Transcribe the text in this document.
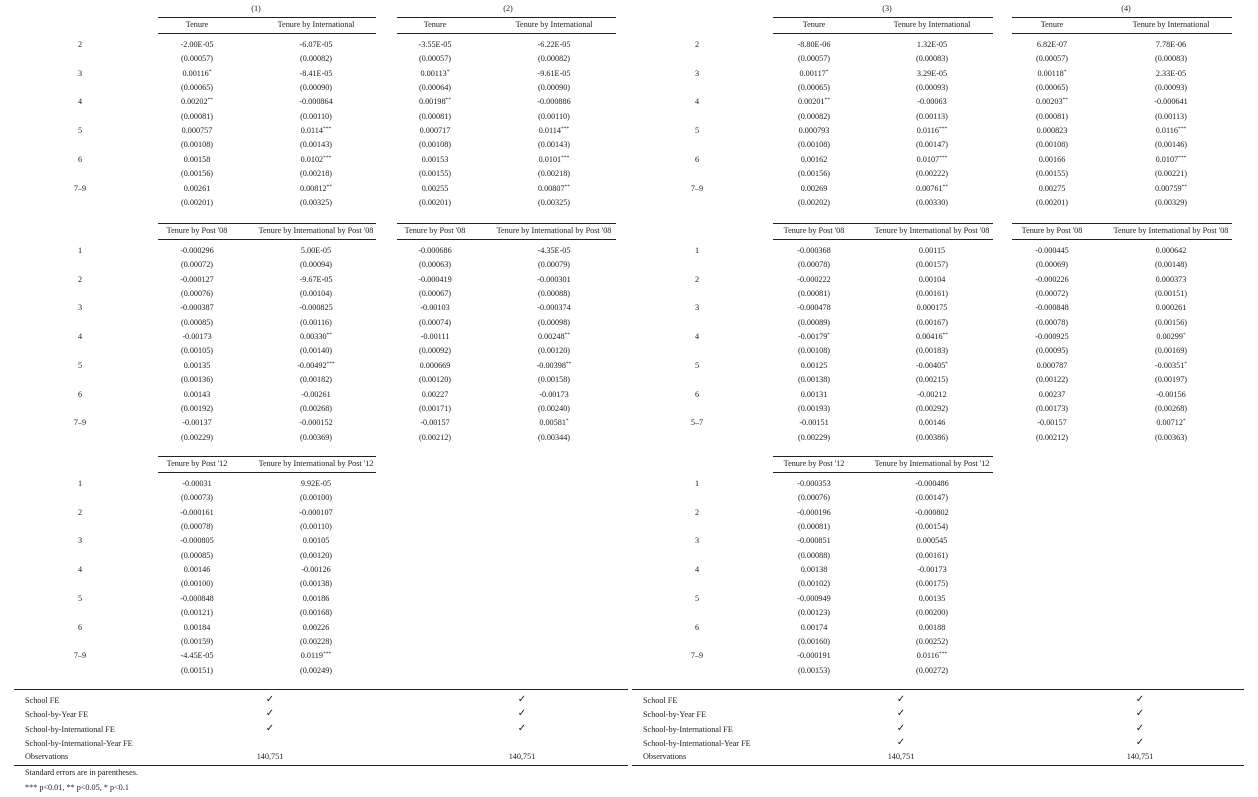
(1)	(2)
Tenure	Tenure by International	Tenure	Tenure by International
2	-2.00E-05	-6.07E-05	-3.55E-05	-6.22E-05
(0.00057)	(0.00082)	(0.00057)	(0.00082)
3	0.00116*	-8.41E-05	0.00113*	-9.61E-05
(0.00065)	(0.00090)	(0.00064)	(0.00090)
4	0.00202**	-0.000864	0.00198**	-0.000886
(0.00081)	(0.00110)	(0.00081)	(0.00110)
5	0.000757	0.0114***	0.000717	0.0114***
(0.00108)	(0.00143)	(0.00108)	(0.00143)
6	0.00158	0.0102***	0.00153	0.0101***
(0.00156)	(0.00218)	(0.00155)	(0.00218)
7–9	0.00261	0.00812**	0.00255	0.00807**
(0.00201)	(0.00325)	(0.00201)	(0.00325)
Tenure by Post '08	Tenure by International by Post '08	Tenure by Post '08	Tenure by International by Post '08
1	-0.000296	5.00E-05	-0.000686	-4.35E-05
(0.00072)	(0.00094)	(0.00063)	(0.00079)
2	-0.000127	-9.67E-05	-0.000419	-0.000301
(0.00076)	(0.00104)	(0.00067)	(0.00088)
3	-0.000387	-0.000825	-0.00103	-0.000374
(0.00085)	(0.00116)	(0.00074)	(0.00098)
4	-0.00173	0.00330**	-0.00111	0.00248**
(0.00105)	(0.00140)	(0.00092)	(0.00120)
5	0.00135	-0.00492***	0.000669	-0.00398**
(0.00136)	(0.00182)	(0.00120)	(0.00158)
6	0.00143	-0.00261	0.00227	-0.00173
(0.00192)	(0.00268)	(0.00171)	(0.00240)
7–9	-0.00137	-0.000152	-0.00157	0.00581*
(0.00229)	(0.00369)	(0.00212)	(0.00344)
Tenure by Post '12	Tenure by International by Post '12
1	-0.00031	9.92E-05
(0.00073)	(0.00100)
2	-0.000161	-0.000107
(0.00078)	(0.00110)
3	-0.000805	0.00105
(0.00085)	(0.00120)
4	0.00146	-0.00126
(0.00100)	(0.00138)
5	-0.000848	0.00186
(0.00121)	(0.00168)
6	0.00184	0.00226
(0.00159)	(0.00228)
7–9	-4.45E-05	0.0119***
(0.00151)	(0.00249)
School FE	✓	✓
School-by-Year FE	✓	✓
School-by-International FE	✓	✓
School-by-International-Year FE
Observations	140,751	140,751
(3)	(4)
Tenure	Tenure by International	Tenure	Tenure by International
2	-8.80E-06	1.32E-05	6.82E-07	7.78E-06
(0.00057)	(0.00083)	(0.00057)	(0.00083)
3	0.00117*	3.29E-05	0.00118*	2.33E-05
(0.00065)	(0.00093)	(0.00065)	(0.00093)
4	0.00201**	-0.00063	0.00203**	-0.000641
(0.00082)	(0.00113)	(0.00081)	(0.00113)
5	0.000793	0.0116***	0.000823	0.0116***
(0.00108)	(0.00147)	(0.00108)	(0.00146)
6	0.00162	0.0107***	0.00166	0.0107***
(0.00156)	(0.00222)	(0.00155)	(0.00221)
7–9	0.00269	0.00761**	0.00275	0.00759**
(0.00202)	(0.00330)	(0.00201)	(0.00329)
Tenure by Post '08	Tenure by International by Post '08	Tenure by Post '08	Tenure by International by Post '08
1	-0.000368	0.00115	-0.000445	0.000642
(0.00078)	(0.00157)	(0.00069)	(0.00148)
2	-0.000222	0.00104	-0.000226	0.000373
(0.00081)	(0.00161)	(0.00072)	(0.00151)
3	-0.000478	0.000175	-0.000848	0.000261
(0.00089)	(0.00167)	(0.00078)	(0.00156)
4	-0.00179*	0.00416**	-0.000925	0.00299*
(0.00108)	(0.00183)	(0.00095)	(0.00169)
5	0.00125	-0.00405*	0.000787	-0.00351*
(0.00138)	(0.00215)	(0.00122)	(0.00197)
6	0.00131	-0.00212	0.00237	-0.00156
(0.00193)	(0.00292)	(0.00173)	(0.00268)
5–7	-0.00151	0.00146	-0.00157	0.00712*
(0.00229)	(0.00386)	(0.00212)	(0.00363)
Tenure by Post '12	Tenure by International by Post '12
1	-0.000353	-0.000486
(0.00076)	(0.00147)
2	-0.000196	-0.000802
(0.00081)	(0.00154)
3	-0.000851	0.000545
(0.00088)	(0.00161)
4	0.00138	-0.00173
(0.00102)	(0.00175)
5	-0.000949	0.00135
(0.00123)	(0.00200)
6	0.00174	0.00188
(0.00160)	(0.00252)
7–9	-0.000191	0.0116***
(0.00153)	(0.00272)
School FE	✓	✓
School-by-Year FE	✓	✓
School-by-International FE	✓	✓
School-by-International-Year FE	✓	✓
Observations	140,751	140,751
Standard errors are in parentheses.
*** p<0.01, ** p<0.05, * p<0.1
